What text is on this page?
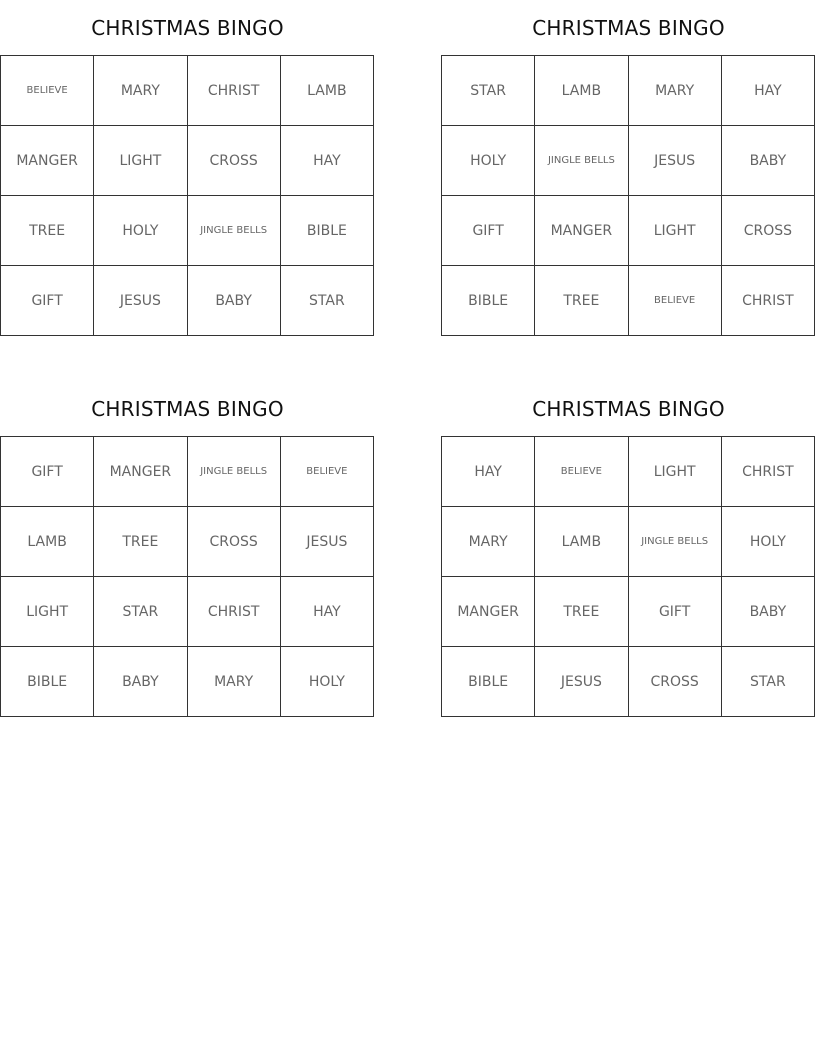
CHRISTMAS BINGO
BELIEVE	MARY	CHRIST	LAMB
MANGER	LIGHT	CROSS	HAY
TREE	HOLY	JINGLE BELLS	BIBLE
GIFT	JESUS	BABY	STAR
CHRISTMAS BINGO
STAR	LAMB	MARY	HAY
HOLY	JINGLE BELLS	JESUS	BABY
GIFT	MANGER	LIGHT	CROSS
BIBLE	TREE	BELIEVE	CHRIST
CHRISTMAS BINGO
GIFT	MANGER	JINGLE BELLS	BELIEVE
LAMB	TREE	CROSS	JESUS
LIGHT	STAR	CHRIST	HAY
BIBLE	BABY	MARY	HOLY
CHRISTMAS BINGO
HAY	BELIEVE	LIGHT	CHRIST
MARY	LAMB	JINGLE BELLS	HOLY
MANGER	TREE	GIFT	BABY
BIBLE	JESUS	CROSS	STAR
